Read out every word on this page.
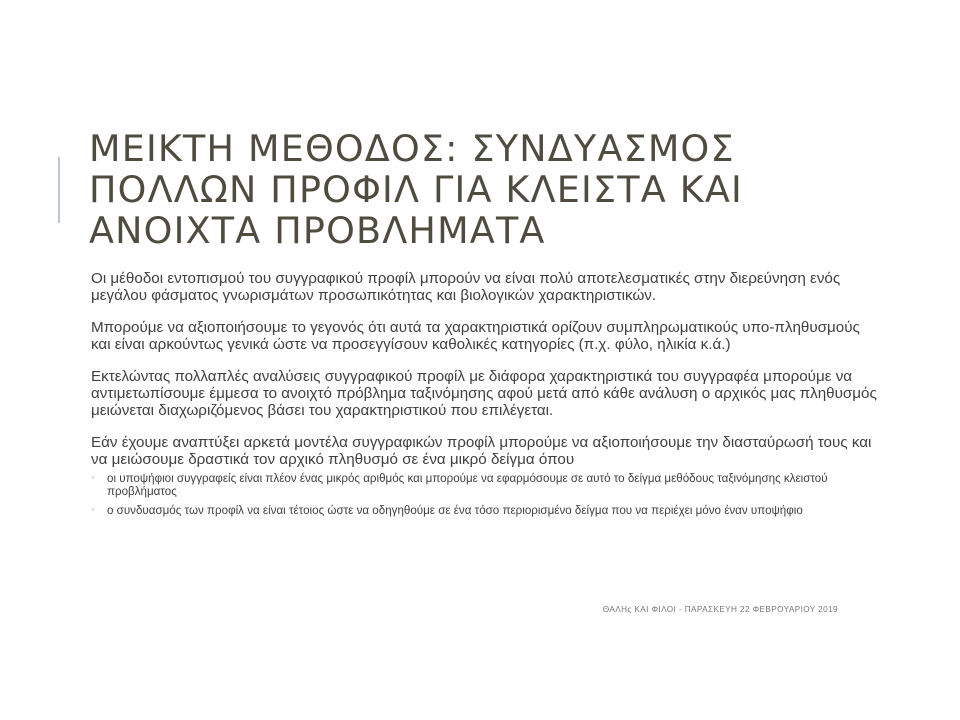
ΜΕΙΚΤΗ ΜΕΘΟΔΟΣ: ΣΥΝΔΥΑΣΜΟΣ
ΠΟΛΛΩΝ ΠΡΟΦΙΛ ΓΙΑ ΚΛΕΙΣΤΑ ΚΑΙ
ΑΝΟΙΧΤΑ ΠΡΟΒΛΗΜΑΤΑ

Οι μέθοδοι εντοπισμού του συγγραφικού προφίλ μπορούν να είναι πολύ αποτελεσματικές στην διερεύνηση ενός μεγάλου φάσματος γνωρισμάτων προσωπικότητας και βιολογικών χαρακτηριστικών.

Μπορούμε να αξιοποιήσουμε το γεγονός ότι αυτά τα χαρακτηριστικά ορίζουν συμπληρωματικούς υπο-πληθυσμούς και είναι αρκούντως γενικά ώστε να προσεγγίσουν καθολικές κατηγορίες (π.χ. φύλο, ηλικία κ.ά.)

Εκτελώντας πολλαπλές αναλύσεις συγγραφικού προφίλ με διάφορα χαρακτηριστικά του συγγραφέα μπορούμε να αντιμετωπίσουμε έμμεσα το ανοιχτό πρόβλημα ταξινόμησης αφού μετά από κάθε ανάλυση ο αρχικός μας πληθυσμός μειώνεται διαχωριζόμενος βάσει του χαρακτηριστικού που επιλέγεται.

Εάν έχουμε αναπτύξει αρκετά μοντέλα συγγραφικών προφίλ μπορούμε να αξιοποιήσουμε την διασταύρωσή τους και να μειώσουμε δραστικά τον αρχικό πληθυσμό σε ένα μικρό δείγμα όπου

◦ οι υποψήφιοι συγγραφείς είναι πλέον ένας μικρός αριθμός και μπορούμε να εφαρμόσουμε σε αυτό το δείγμα μεθόδους ταξινόμησης κλειστού προβλήματος
◦ ο συνδυασμός των προφίλ να είναι τέτοιος ώστε να οδηγηθούμε σε ένα τόσο περιορισμένο δείγμα που να περιέχει μόνο έναν υποψήφιο
ΘΑΛΗς ΚΑΙ ΦΙΛΟΙ - ΠΑΡΑΣΚΕΥΗ 22 ΦΕΒΡΟΥΑΡΙΟΥ 2019
